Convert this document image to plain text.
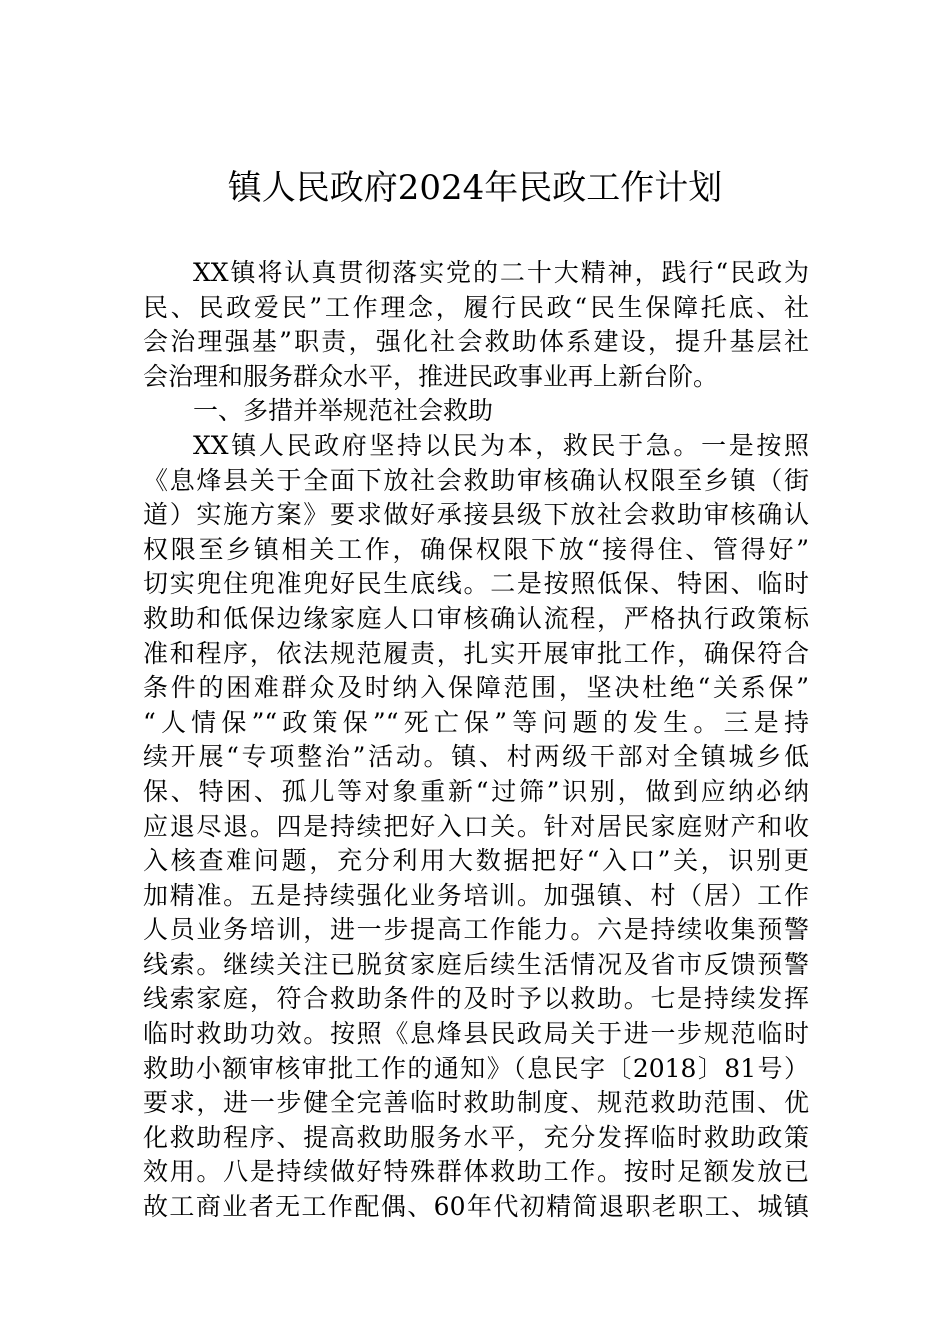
镇人民政府2024年民政工作计划
XX镇将认真贯彻落实党的二十大精神，践行“民政为
民、民政爱民”工作理念，履行民政“民生保障托底、社
会治理强基”职责，强化社会救助体系建设，提升基层社
会治理和服务群众水平，推进民政事业再上新台阶。
一、多措并举规范社会救助
XX镇人民政府坚持以民为本，救民于急。一是按照
《息烽县关于全面下放社会救助审核确认权限至乡镇（街
道）实施方案》要求做好承接县级下放社会救助审核确认
权限至乡镇相关工作，确保权限下放“接得住、管得好”
切实兜住兜准兜好民生底线。二是按照低保、特困、临时
救助和低保边缘家庭人口审核确认流程，严格执行政策标
准和程序，依法规范履责，扎实开展审批工作，确保符合
条件的困难群众及时纳入保障范围，坚决杜绝“关系保”
“人情保”“政策保”“死亡保”等问题的发生。三是持
续开展“专项整治”活动。镇、村两级干部对全镇城乡低
保、特困、孤儿等对象重新“过筛”识别，做到应纳必纳
应退尽退。四是持续把好入口关。针对居民家庭财产和收
入核查难问题，充分利用大数据把好“入口”关，识别更
加精准。五是持续强化业务培训。加强镇、村（居）工作
人员业务培训，进一步提高工作能力。六是持续收集预警
线索。继续关注已脱贫家庭后续生活情况及省市反馈预警
线索家庭，符合救助条件的及时予以救助。七是持续发挥
临时救助功效。按照《息烽县民政局关于进一步规范临时
救助小额审核审批工作的通知》（息民字〔2018〕81号）
要求，进一步健全完善临时救助制度、规范救助范围、优
化救助程序、提高救助服务水平，充分发挥临时救助政策
效用。八是持续做好特殊群体救助工作。按时足额发放已
故工商业者无工作配偶、60年代初精简退职老职工、城镇
